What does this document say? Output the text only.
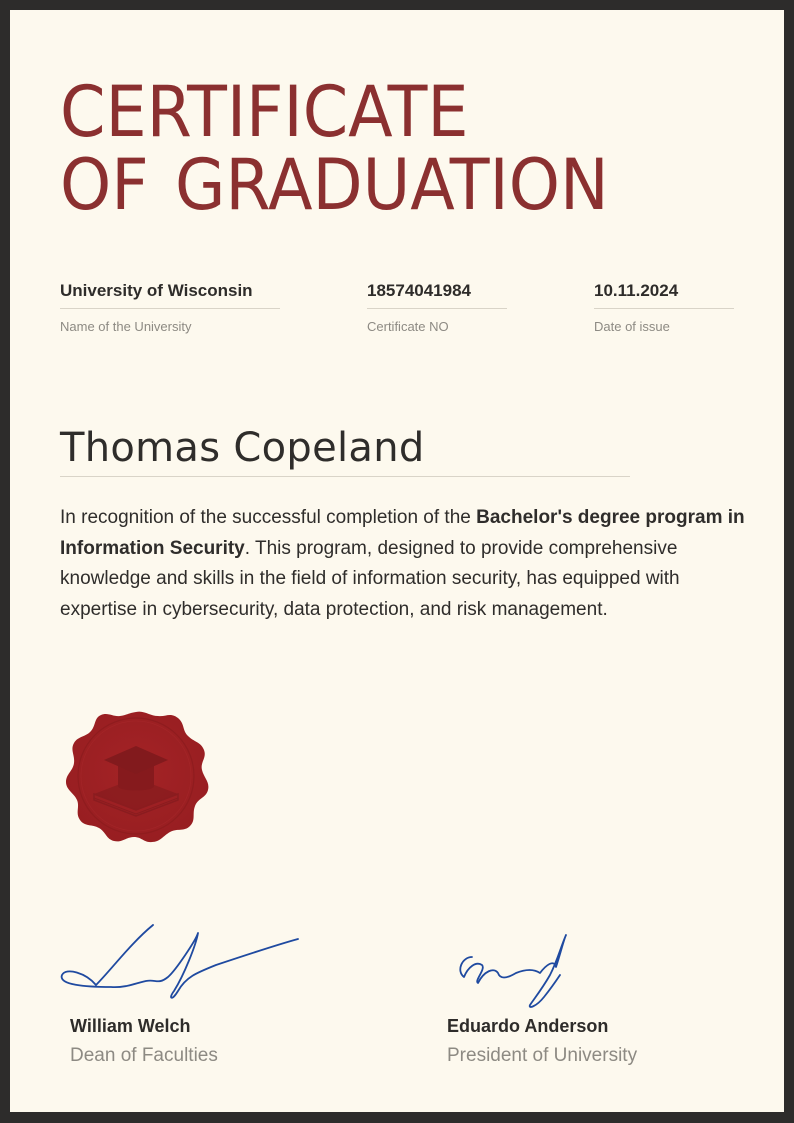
CERTIFICATE
OF GRADUATION
University of Wisconsin
Name of the University
18574041984
Certificate NO
10.11.2024
Date of issue
Thomas Copeland

In recognition of the successful completion of the Bachelor's degree program in Information Security. This program, designed to provide comprehensive knowledge and skills in the field of information security, has equipped with expertise in cybersecurity, data protection, and risk management.

William Welch
Dean of Faculties
Eduardo Anderson
President of University
